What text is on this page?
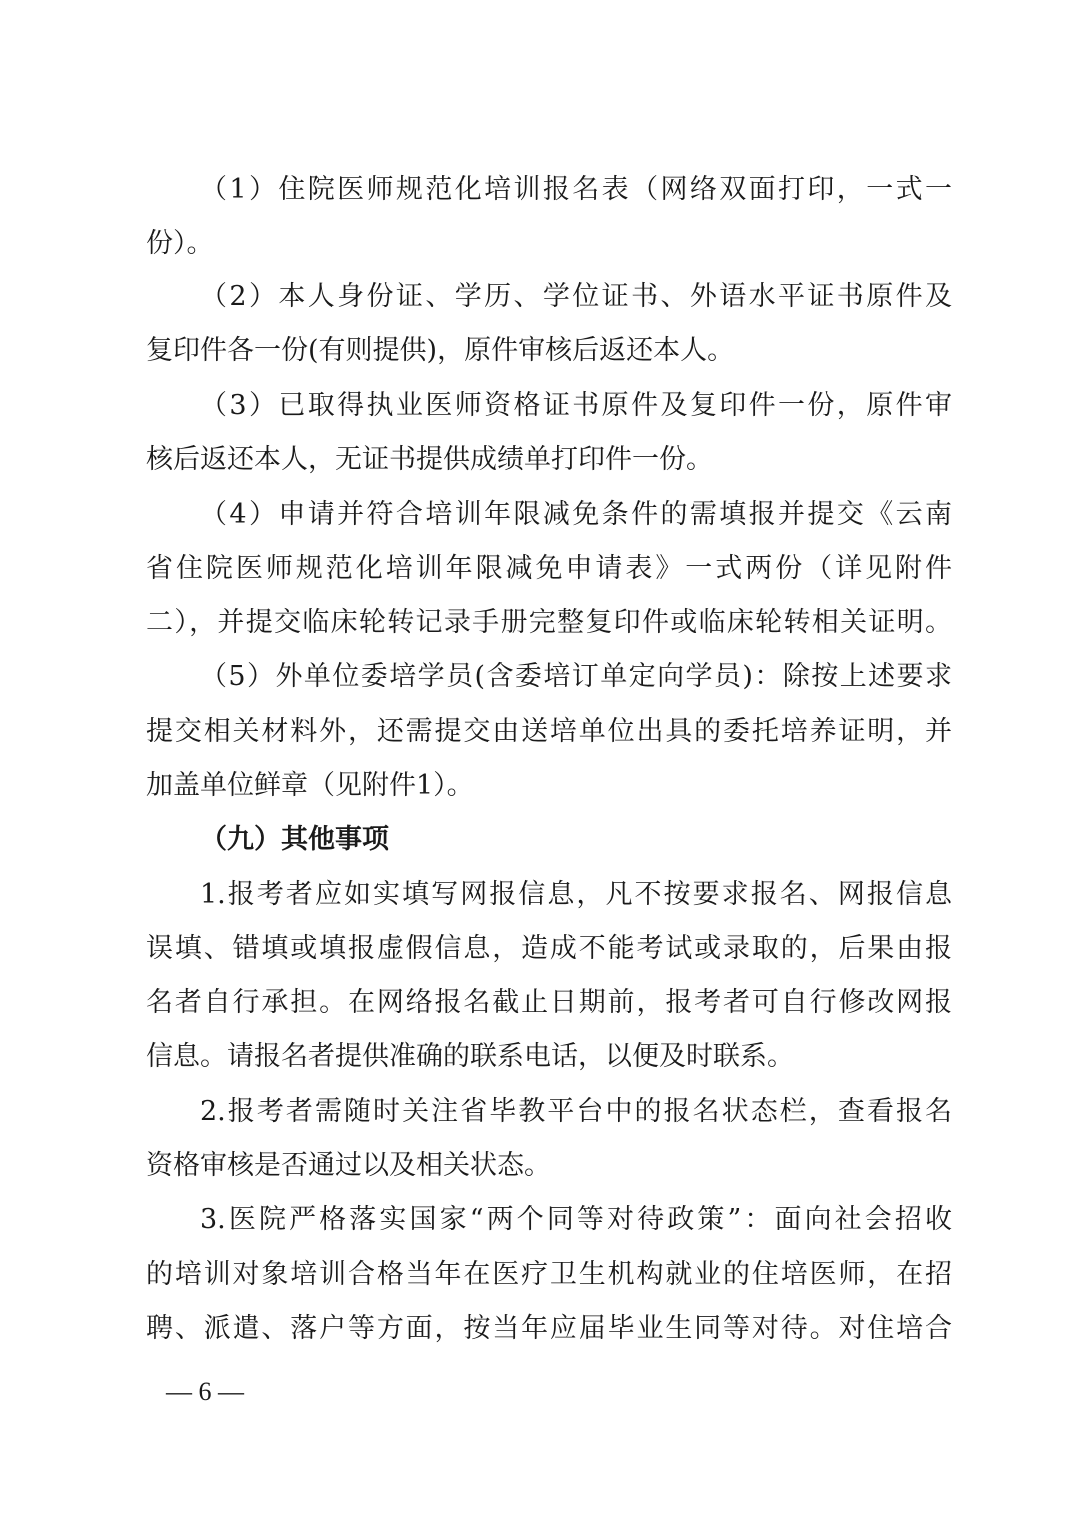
（1）住院医师规范化培训报名表（网络双面打印，一式一
份）。
（2）本人身份证、学历、学位证书、外语水平证书原件及
复印件各一份(有则提供)，原件审核后返还本人。
（3）已取得执业医师资格证书原件及复印件一份，原件审
核后返还本人，无证书提供成绩单打印件一份。
（4）申请并符合培训年限减免条件的需填报并提交《云南
省住院医师规范化培训年限减免申请表》一式两份（详见附件
二），并提交临床轮转记录手册完整复印件或临床轮转相关证明。
（5）外单位委培学员(含委培订单定向学员)：除按上述要求
提交相关材料外，还需提交由送培单位出具的委托培养证明，并
加盖单位鲜章（见附件1）。
（九）其他事项
1.报考者应如实填写网报信息，凡不按要求报名、网报信息
误填、错填或填报虚假信息，造成不能考试或录取的，后果由报
名者自行承担。在网络报名截止日期前，报考者可自行修改网报
信息。请报名者提供准确的联系电话，以便及时联系。
2.报考者需随时关注省毕教平台中的报名状态栏，查看报名
资格审核是否通过以及相关状态。
3.医院严格落实国家“两个同等对待政策”：面向社会招收
的培训对象培训合格当年在医疗卫生机构就业的住培医师，在招
聘、派遣、落户等方面，按当年应届毕业生同等对待。对住培合
— 6 —
